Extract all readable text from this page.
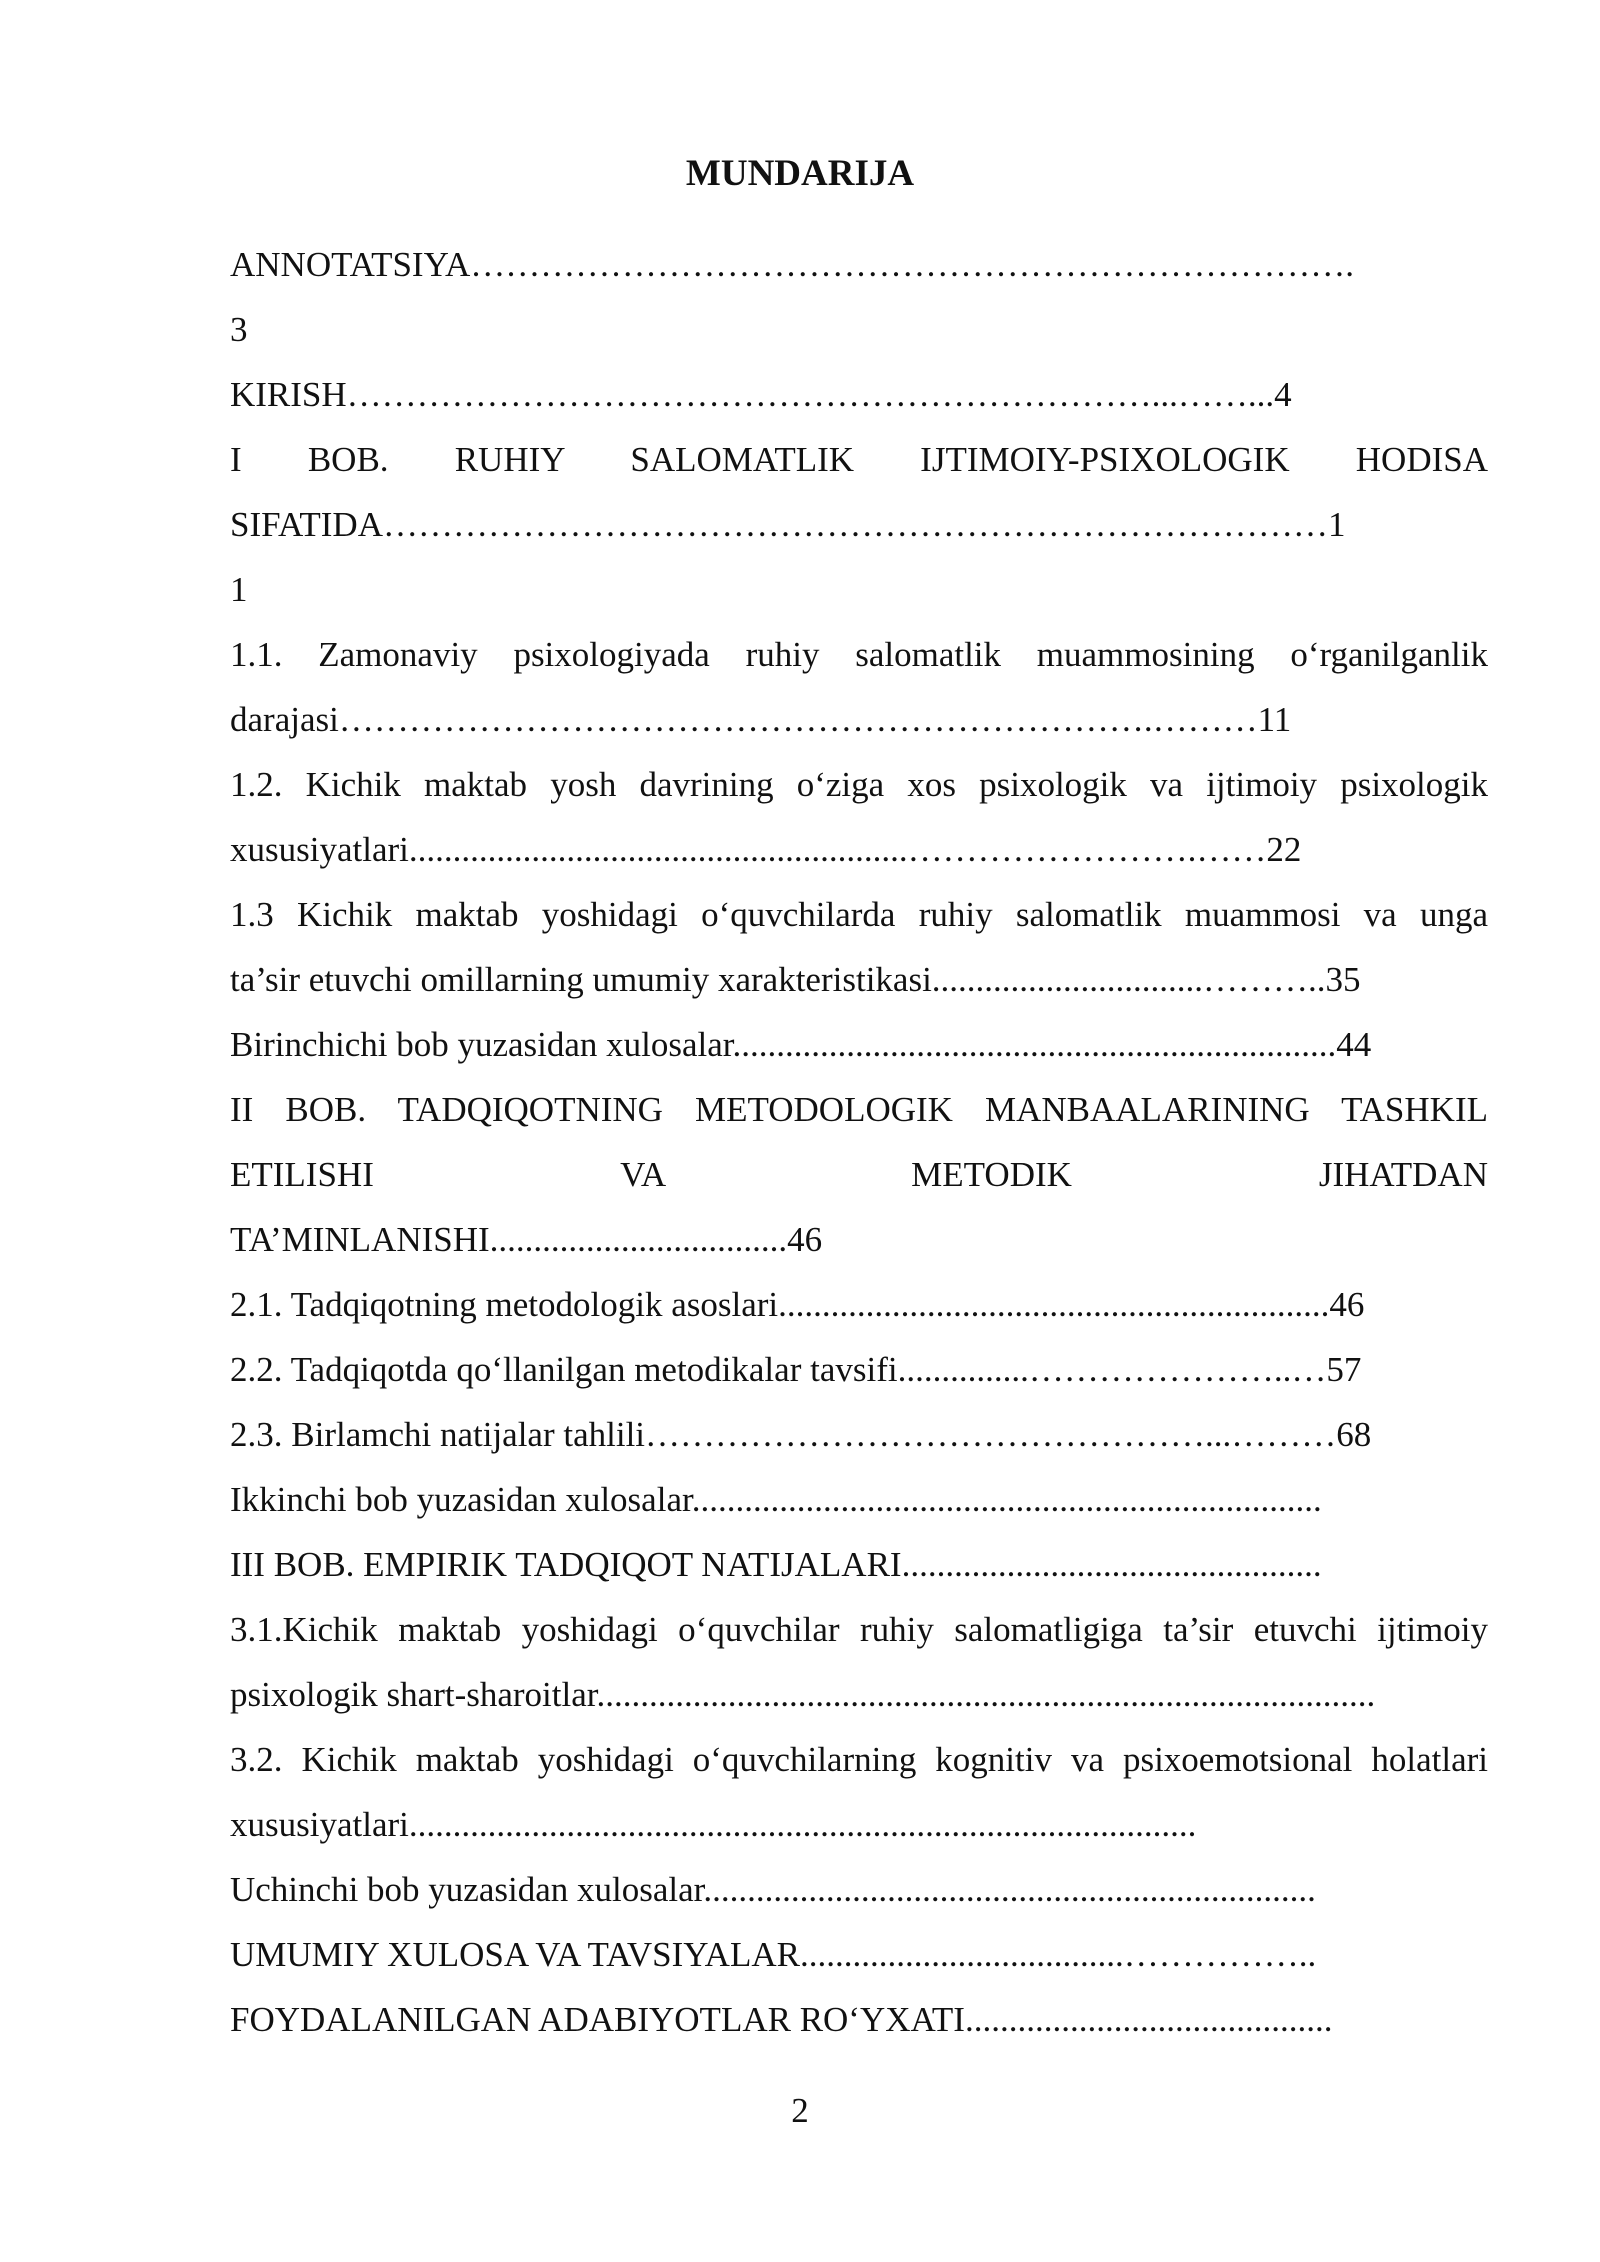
MUNDARIJA
ANNOTATSIYA………………………………………………………………….
3
KIRISH……………………………………………………………...……...4
I BOB. RUHIY SALOMATLIK IJTIMOIY-PSIXOLOGIK HODISA
SIFATIDA………………………………………………………………………1
1
1.1. Zamonaviy psixologiyada ruhiy salomatlik muammosining o‘rganilganlik
darajasi…………………………………………………………….………11
1.2. Kichik maktab yosh davrining o‘ziga xos psixologik va ijtimoiy psixologik
xususiyatlari.........................................................…………………….……22
1.3 Kichik maktab yoshidagi o‘quvchilarda ruhiy salomatlik muammosi va unga
ta’sir etuvchi omillarning umumiy xarakteristikasi...............................………..35
Birinchichi bob yuzasidan xulosalar.....................................................................44
II BOB. TADQIQOTNING METODOLOGIK MANBAALARINING TASHKIL
ETILISHI VA METODIK JIHATDAN
TA’MINLANISHI..................................46
2.1. Tadqiqotning metodologik asoslari...............................................................46
2.2. Tadqiqotda qo‘llanilgan metodikalar tavsifi...............…………………..…57
2.3. Birlamchi natijalar tahlili…………………………………………...………68
Ikkinchi bob yuzasidan xulosalar........................................................................
III BOB. EMPIRIK TADQIQOT NATIJALARI................................................
3.1.Kichik maktab yoshidagi o‘quvchilar ruhiy salomatligiga ta’sir etuvchi ijtimoiy
psixologik shart-sharoitlar.........................................................................................
3.2. Kichik maktab yoshidagi o‘quvchilarning kognitiv va psixoemotsional holatlari
xususiyatlari..........................................................................................
Uchinchi bob yuzasidan xulosalar......................................................................
UMUMIY XULOSA VA TAVSIYALAR.....................................……………..
FOYDALANILGAN ADABIYOTLAR RO‘YXATI..........................................
2
